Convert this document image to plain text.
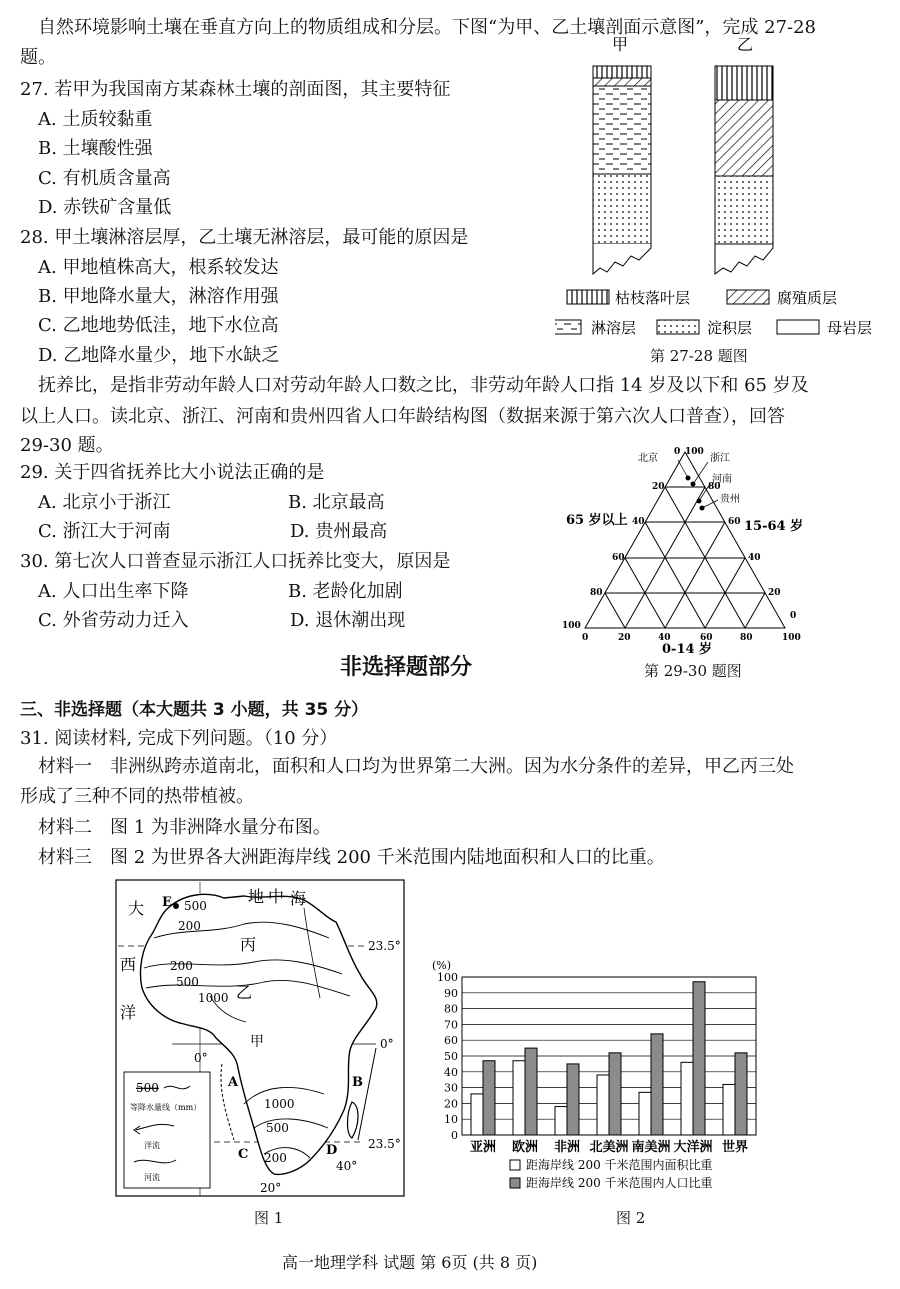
自然环境影响土壤在垂直方向上的物质组成和分层。下图“为甲、乙土壤剖面示意图”，完成 27-28
题。
27. 若甲为我国南方某森林土壤的剖面图，其主要特征
A. 土质较黏重
B. 土壤酸性强
C. 有机质含量高
D. 赤铁矿含量低
28. 甲土壤淋溶层厚，乙土壤无淋溶层，最可能的原因是
A. 甲地植株高大，根系较发达
B. 甲地降水量大，淋溶作用强
C. 乙地地势低洼，地下水位高
D. 乙地降水量少，地下水缺乏
甲	乙
枯枝落叶层	腐殖质层
淋溶层	淀积层	母岩层
第 27-28 题图
抚养比，是指非劳动年龄人口对劳动年龄人口数之比，非劳动年龄人口指 14 岁及以下和 65 岁及
以上人口。读北京、浙江、河南和贵州四省人口年龄结构图（数据来源于第六次人口普查），回答
29-30 题。
29. 关于四省抚养比大小说法正确的是
A. 北京小于浙江	B. 北京最高
C. 浙江大于河南	D. 贵州最高
30. 第七次人口普查显示浙江人口抚养比变大，原因是
A. 人口出生率下降	B. 老龄化加剧
C. 外省劳动力迁入	D. 退休潮出现
北京	浙江
河南
贵州
0
20
40
60
80
100
100
80
60
40
20
0
0	20	40	60	80	100
65 岁以上	15-64 岁
0-14 岁
第 29-30 题图
非选择题部分
三、非选择题（本大题共 3 小题，共 35 分）
31. 阅读材料, 完成下列问题。（10 分）
材料一　非洲纵跨赤道南北，面积和人口均为世界第二大洲。因为水分条件的差异，甲乙丙三处
形成了三种不同的热带植被。
材料二　图 1 为非洲降水量分布图。
材料三　图 2 为世界各大洲距海岸线 200 千米范围内陆地面积和人口的比重。
大
西
洋
地 中 海
丙
乙
甲
E
A	B
C	D
23.5°
0°
0°
23.5°
40°
20°
500
200
200
500
1000
1000
500
200
500
等降水量线（mm）
洋流
河流
图 1
(%)
0
10
20
30
40
50
60
70
80
90
100
亚洲 欧洲 非洲 北美洲 南美洲 大洋洲 世界
距海岸线 200 千米范围内面积比重
距海岸线 200 千米范围内人口比重
图 2
高一地理学科 试题 第 6页 (共 8 页)
